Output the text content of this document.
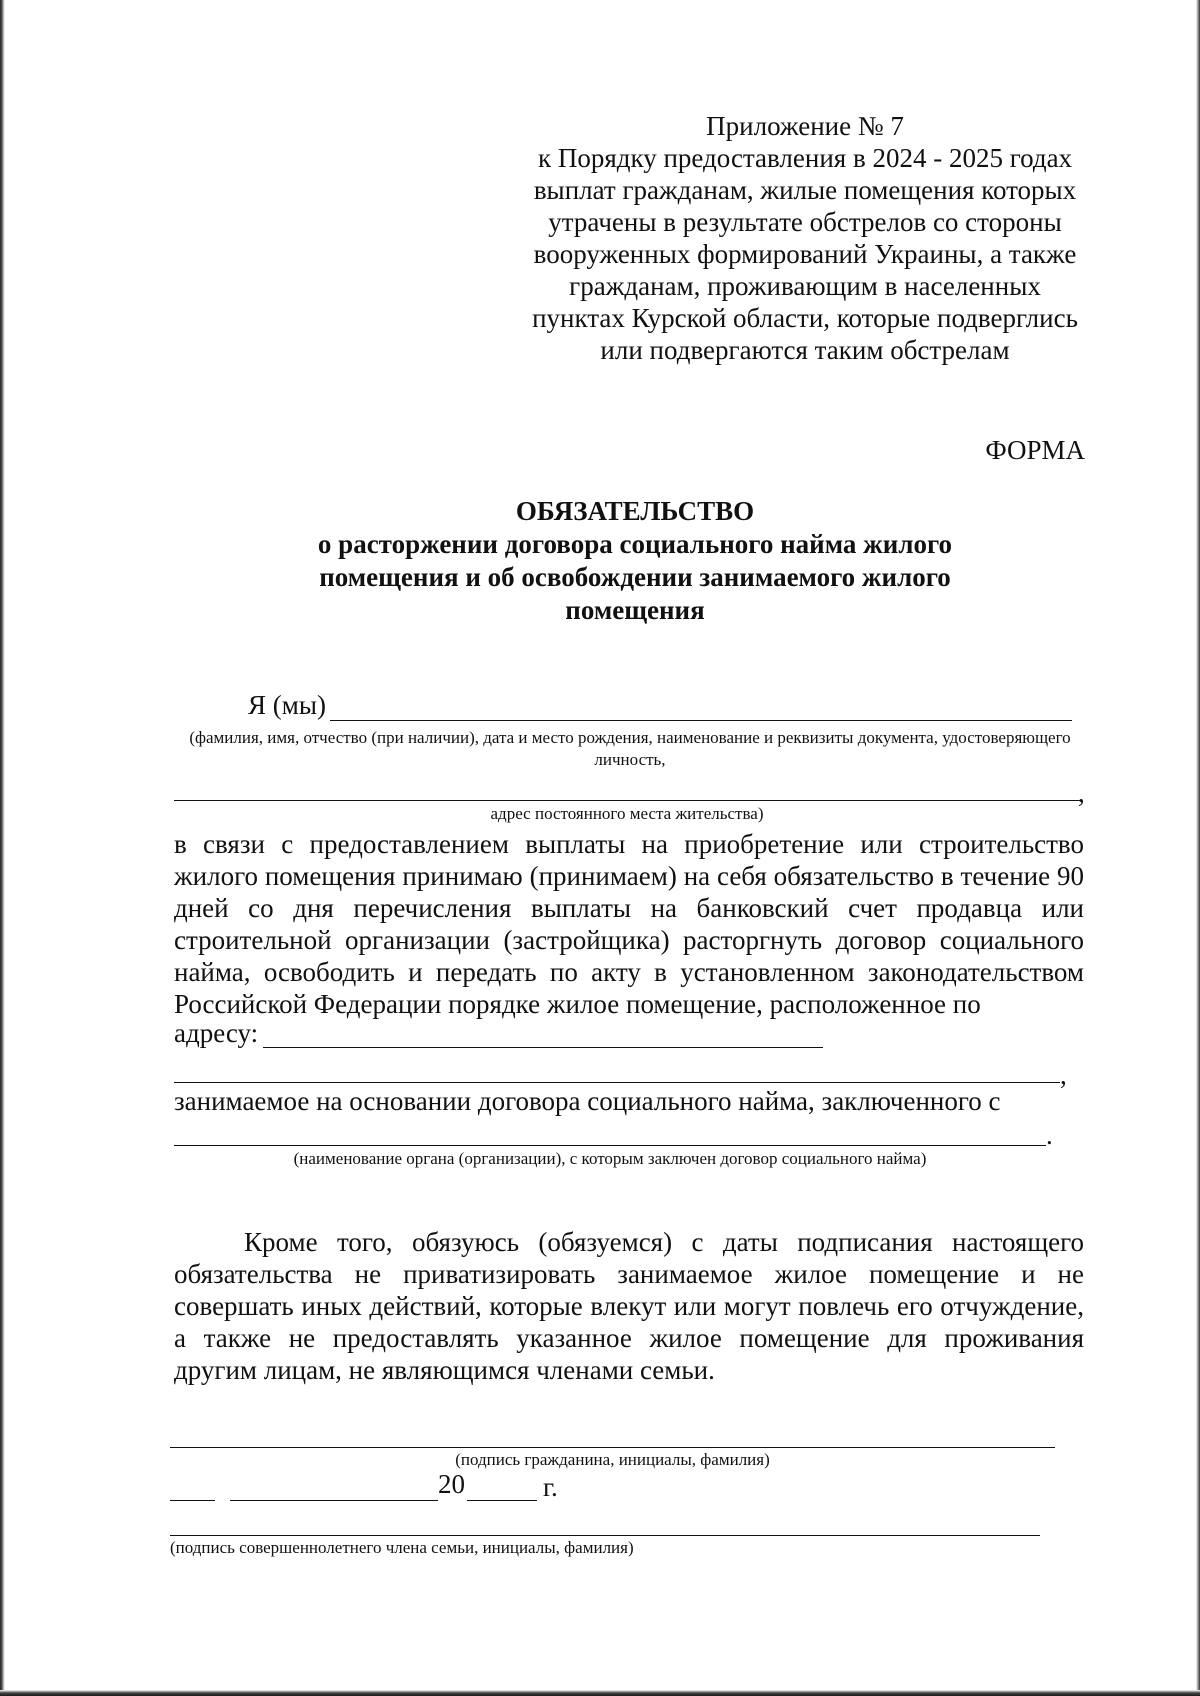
Приложение № 7
к Порядку предоставления в 2024 - 2025 годах выплат гражданам, жилые помещения которых утрачены в результате обстрелов со стороны вооруженных формирований Украины, а также гражданам, проживающим в населенных пунктах Курской области, которые подверглись или подвергаются таким обстрелам
ФОРМА
ОБЯЗАТЕЛЬСТВО
о расторжении договора социального найма жилого помещения и об освобождении занимаемого жилого помещения
Я (мы)
(фамилия, имя, отчество (при наличии), дата и место рождения, наименование и реквизиты документа, удостоверяющего личность,
,
адрес постоянного места жительства)
в связи с предоставлением выплаты на приобретение или строительство жилого помещения принимаю (принимаем) на себя обязательство в течение 90 дней со дня перечисления выплаты на банковский счет продавца или строительной организации (застройщика) расторгнуть договор социального найма, освободить и передать по акту в установленном законодательством Российской Федерации порядке жилое помещение, расположенное по
адресу:
,
занимаемое на основании договора социального найма, заключенного с
.
(наименование органа (организации), с которым заключен договор социального найма)
Кроме того, обязуюсь (обязуемся) с даты подписания настоящего обязательства не приватизировать занимаемое жилое помещение и не совершать иных действий, которые влекут или могут повлечь его отчуждение, а также не предоставлять указанное жилое помещение для проживания другим лицам, не являющимся членами семьи.
(подпись гражданина, инициалы, фамилия)
20	г.
(подпись совершеннолетнего члена семьи, инициалы, фамилия)
